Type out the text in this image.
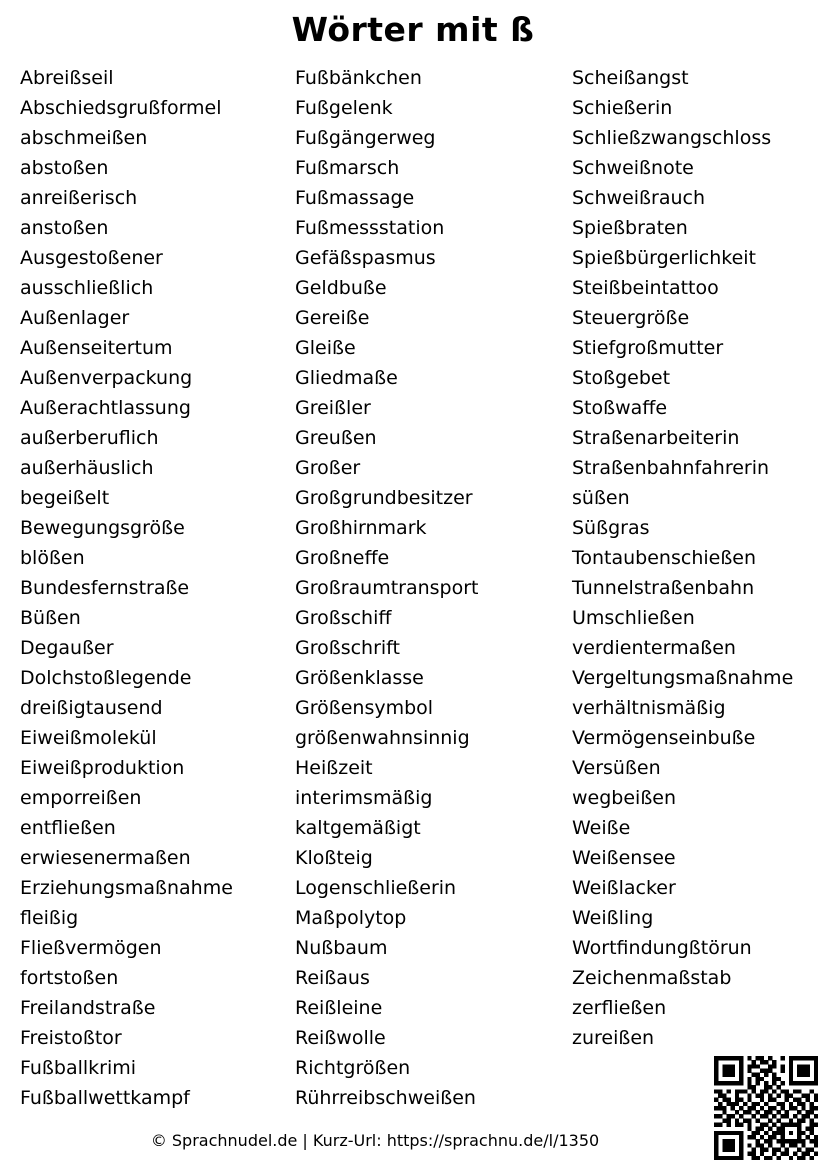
Wörter mit ß
Abreißseil
Abschiedsgrußformel
abschmeißen
abstoßen
anreißerisch
anstoßen
Ausgestoßener
ausschließlich
Außenlager
Außenseitertum
Außenverpackung
Außerachtlassung
außerberuflich
außerhäuslich
begeißelt
Bewegungsgröße
blößen
Bundesfernstraße
Büßen
Degaußer
Dolchstoßlegende
dreißigtausend
Eiweißmolekül
Eiweißproduktion
emporreißen
entfließen
erwiesenermaßen
Erziehungsmaßnahme
fleißig
Fließvermögen
fortstoßen
Freilandstraße
Freistoßtor
Fußballkrimi
Fußballwettkampf
Fußbänkchen
Fußgelenk
Fußgängerweg
Fußmarsch
Fußmassage
Fußmessstation
Gefäßspasmus
Geldbuße
Gereiße
Gleiße
Gliedmaße
Greißler
Greußen
Großer
Großgrundbesitzer
Großhirnmark
Großneffe
Großraumtransport
Großschiff
Großschrift
Größenklasse
Größensymbol
größenwahnsinnig
Heißzeit
interimsmäßig
kaltgemäßigt
Kloßteig
Logenschließerin
Maßpolytop
Nußbaum
Reißaus
Reißleine
Reißwolle
Richtgrößen
Rührreibschweißen
Scheißangst
Schießerin
Schließzwangschloss
Schweißnote
Schweißrauch
Spießbraten
Spießbürgerlichkeit
Steißbeintattoo
Steuergröße
Stiefgroßmutter
Stoßgebet
Stoßwaffe
Straßenarbeiterin
Straßenbahnfahrerin
süßen
Süßgras
Tontaubenschießen
Tunnelstraßenbahn
Umschließen
verdientermaßen
Vergeltungsmaßnahme
verhältnismäßig
Vermögenseinbuße
Versüßen
wegbeißen
Weiße
Weißensee
Weißlacker
Weißling
Wortfindungßtörun
Zeichenmaßstab
zerfließen
zureißen
© Sprachnudel.de | Kurz-Url: https://sprachnu.de/l/1350
